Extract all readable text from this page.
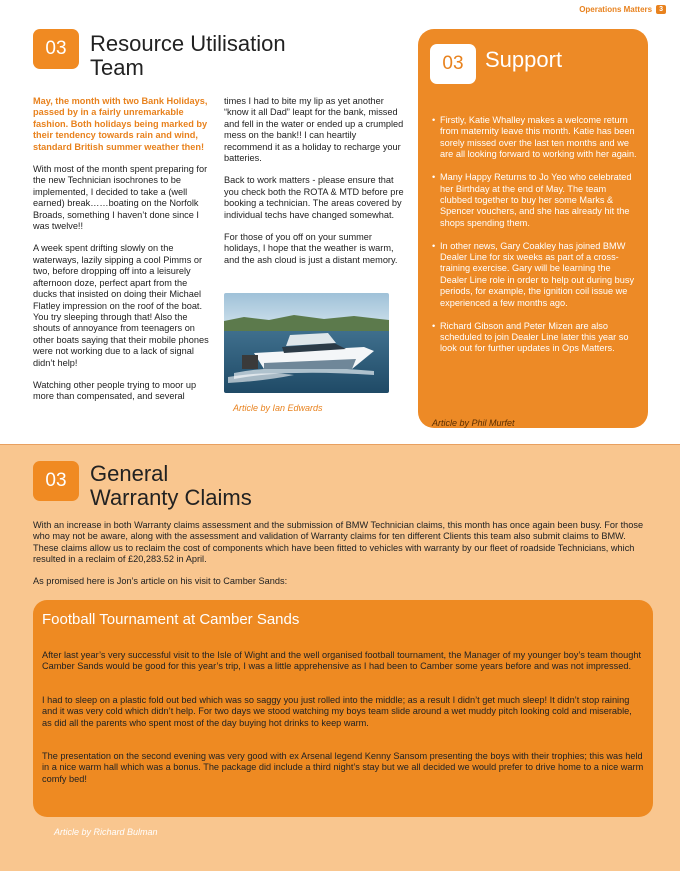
Operations Matters	3
03	Resource Utilisation
Team

May, the month with two Bank Holidays, passed by in a fairly unremarkable fashion. Both holidays being marked by their tendency towards rain and wind, standard British summer weather then!

With most of the month spent preparing for the new Technician isochrones to be implemented, I decided to take a (well earned) break……boating on the Norfolk Broads, something I haven’t done since I was twelve!!

A week spent drifting slowly on the waterways, lazily sipping a cool Pimms or two, before dropping off into a leisurely afternoon doze, perfect apart from the ducks that insisted on doing their Michael Flatley impression on the roof of the boat. You try sleeping through that! Also the shouts of annoyance from teenagers on other boats saying that their mobile phones were not working due to a lack of signal didn’t help!

Watching other people trying to moor up more than compensated, and several

times I had to bite my lip as yet another “know it all Dad” leapt for the bank, missed and fell in the water or ended up a crumpled mess on the bank!! I can heartily recommend it as a holiday to recharge your batteries.

Back to work matters - please ensure that you check both the ROTA & MTD before pre booking a technician. The areas covered by individual techs have changed somewhat.

For those of you off on your summer holidays, I hope that the weather is warm, and the ash cloud is just a distant memory.

Article by Ian Edwards
03 Support
• Firstly, Katie Whalley makes a welcome return from maternity leave this month. Katie has been sorely missed over the last ten months and we are all looking forward to working with her again.
• Many Happy Returns to Jo Yeo who celebrated her Birthday at the end of May. The team clubbed together to buy her some Marks & Spencer vouchers, and she has already hit the shops spending them.
• In other news, Gary Coakley has joined BMW Dealer Line for six weeks as part of a cross-training exercise. Gary will be learning the Dealer Line role in order to help out during busy periods, for example, the ignition coil issue we experienced a few months ago.
• Richard Gibson and Peter Mizen are also scheduled to join Dealer Line later this year so look out for further updates in Ops Matters.
Article by Phil Murfet
03	General
Warranty Claims

With an increase in both Warranty claims assessment and the submission of BMW Technician claims, this month has once again been busy. For those who may not be aware, along with the assessment and validation of Warranty claims for ten different Clients this team also submit claims to BMW. These claims allow us to reclaim the cost of components which have been fitted to vehicles with warranty by our fleet of roadside Technicians, which resulted in a reclaim of £20,283.52 in April.

As promised here is Jon’s article on his visit to Camber Sands:

Football Tournament at Camber Sands

After last year’s very successful visit to the Isle of Wight and the well organised football tournament, the Manager of my younger boy’s team thought Camber Sands would be good for this year’s trip, I was a little apprehensive as I had been to Camber some years before and was not impressed.

I had to sleep on a plastic fold out bed which was so saggy you just rolled into the middle; as a result I didn’t get much sleep! It didn’t stop raining and it was very cold which didn’t help. For two days we stood watching my boys team slide around a wet muddy pitch looking cold and miserable, as did all the parents who spent most of the day buying hot drinks to keep warm.

The presentation on the second evening was very good with ex Arsenal legend Kenny Sansom presenting the boys with their trophies; this was held in a nice warm hall which was a bonus. The package did include a third night’s stay but we all decided we would prefer to drive home to a nice warm comfy bed!

Article by Richard Bulman
